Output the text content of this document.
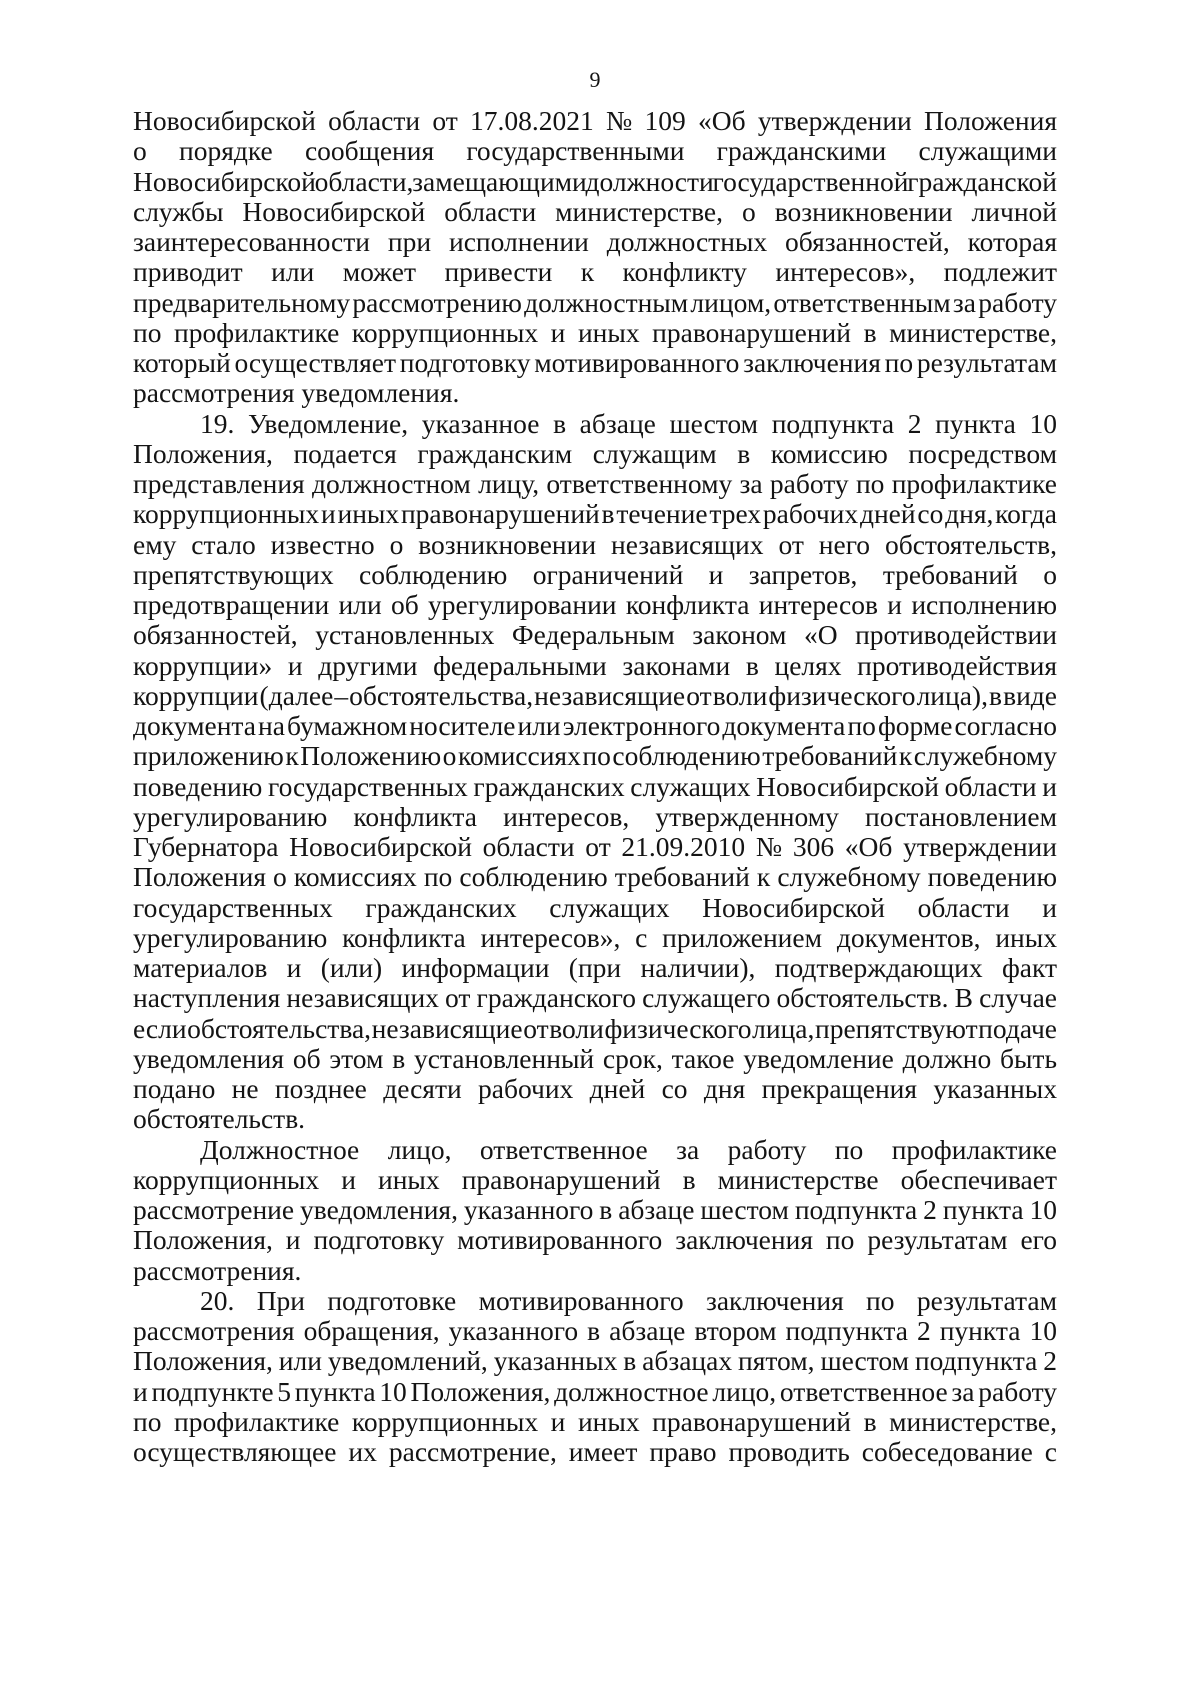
9
Новосибирской области от 17.08.2021 № 109 «Об утверждении Положения
о порядке сообщения государственными гражданскими служащими
Новосибирской области, замещающими должности государственной гражданской
службы Новосибирской области министерстве, о возникновении личной
заинтересованности при исполнении должностных обязанностей, которая
приводит или может привести к конфликту интересов», подлежит
предварительному рассмотрению должностным лицом, ответственным за работу
по профилактике коррупционных и иных правонарушений в министерстве,
который осуществляет подготовку мотивированного заключения по результатам
рассмотрения уведомления.
19. Уведомление, указанное в абзаце шестом подпункта 2 пункта 10
Положения, подается гражданским служащим в комиссию посредством
представления должностном лицу, ответственному за работу по профилактике
коррупционных и иных правонарушений в течение трех рабочих дней со дня, когда
ему стало известно о возникновении независящих от него обстоятельств,
препятствующих соблюдению ограничений и запретов, требований о
предотвращении или об урегулировании конфликта интересов и исполнению
обязанностей, установленных Федеральным законом «О противодействии
коррупции» и другими федеральными законами в целях противодействия
коррупции (далее – обстоятельства, независящие от воли физического лица), в виде
документа на бумажном носителе или электронного документа по форме согласно
приложению к Положению о комиссиях по соблюдению требований к служебному
поведению государственных гражданских служащих Новосибирской области и
урегулированию конфликта интересов, утвержденному постановлением
Губернатора Новосибирской области от 21.09.2010 № 306 «Об утверждении
Положения о комиссиях по соблюдению требований к служебному поведению
государственных гражданских служащих Новосибирской области и
урегулированию конфликта интересов», с приложением документов, иных
материалов и (или) информации (при наличии), подтверждающих факт
наступления независящих от гражданского служащего обстоятельств. В случае
если обстоятельства, независящие от воли физического лица, препятствуют подаче
уведомления об этом в установленный срок, такое уведомление должно быть
подано не позднее десяти рабочих дней со дня прекращения указанных
обстоятельств.
Должностное лицо, ответственное за работу по профилактике
коррупционных и иных правонарушений в министерстве обеспечивает
рассмотрение уведомления, указанного в абзаце шестом подпункта 2 пункта 10
Положения, и подготовку мотивированного заключения по результатам его
рассмотрения.
20. При подготовке мотивированного заключения по результатам
рассмотрения обращения, указанного в абзаце втором подпункта 2 пункта 10
Положения, или уведомлений, указанных в абзацах пятом, шестом подпункта 2
и подпункте 5 пункта 10 Положения, должностное лицо, ответственное за работу
по профилактике коррупционных и иных правонарушений в министерстве,
осуществляющее их рассмотрение, имеет право проводить собеседование с
